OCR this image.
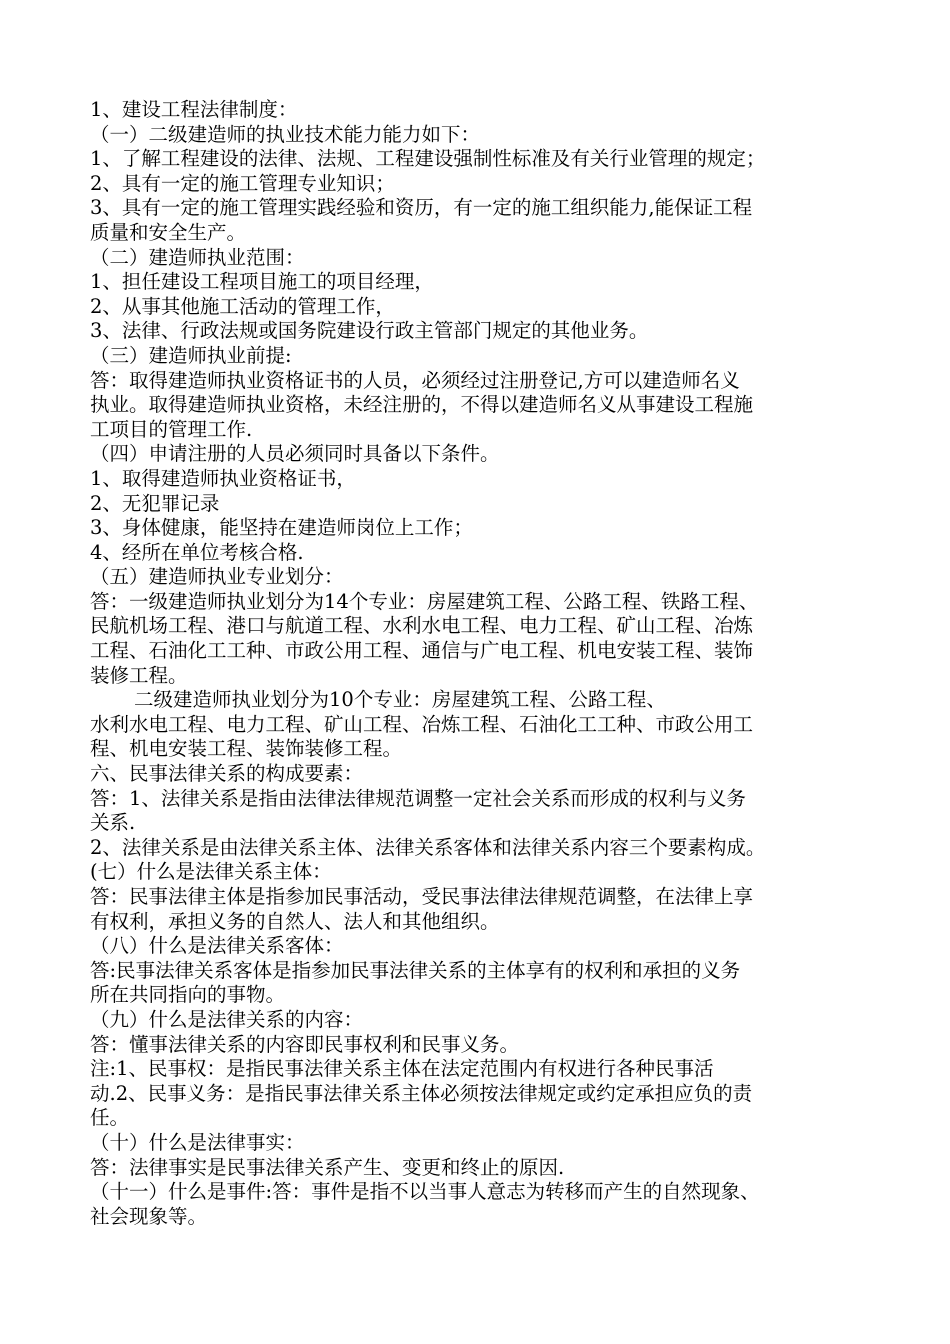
1、建设工程法律制度：

（一）二级建造师的执业技术能力能力如下：

1、了解工程建设的法律、法规、工程建设强制性标准及有关行业管理的规定；

2、具有一定的施工管理专业知识；

3、具有一定的施工管理实践经验和资历，有一定的施工组织能力,能保证工程

质量和安全生产。

（二）建造师执业范围：

1、担任建设工程项目施工的项目经理，

2、从事其他施工活动的管理工作，

3、法律、行政法规或国务院建设行政主管部门规定的其他业务。

（三）建造师执业前提:

答：取得建造师执业资格证书的人员，必须经过注册登记,方可以建造师名义

执业。取得建造师执业资格，未经注册的，不得以建造师名义从事建设工程施

工项目的管理工作.

（四）申请注册的人员必须同时具备以下条件。

1、取得建造师执业资格证书，

2、无犯罪记录

3、身体健康，能坚持在建造师岗位上工作；

4、经所在单位考核合格.

（五）建造师执业专业划分：

答：一级建造师执业划分为14个专业：房屋建筑工程、公路工程、铁路工程、

民航机场工程、港口与航道工程、水利水电工程、电力工程、矿山工程、冶炼

工程、石油化工工种、市政公用工程、通信与广电工程、机电安装工程、装饰

装修工程。

二级建造师执业划分为10个专业：房屋建筑工程、公路工程、

水利水电工程、电力工程、矿山工程、冶炼工程、石油化工工种、市政公用工

程、机电安装工程、装饰装修工程。

六、民事法律关系的构成要素：

答：1、法律关系是指由法律法律规范调整一定社会关系而形成的权利与义务

关系.

2、法律关系是由法律关系主体、法律关系客体和法律关系内容三个要素构成。

(七）什么是法律关系主体：

答：民事法律主体是指参加民事活动，受民事法律法律规范调整，在法律上享

有权利，承担义务的自然人、法人和其他组织。

（八）什么是法律关系客体：

答:民事法律关系客体是指参加民事法律关系的主体享有的权利和承担的义务

所在共同指向的事物。

（九）什么是法律关系的内容：

答：懂事法律关系的内容即民事权利和民事义务。

注:1、民事权：是指民事法律关系主体在法定范围内有权进行各种民事活

动.2、民事义务：是指民事法律关系主体必须按法律规定或约定承担应负的责

任。

（十）什么是法律事实：

答：法律事实是民事法律关系产生、变更和终止的原因.

（十一）什么是事件:答：事件是指不以当事人意志为转移而产生的自然现象、

社会现象等。
